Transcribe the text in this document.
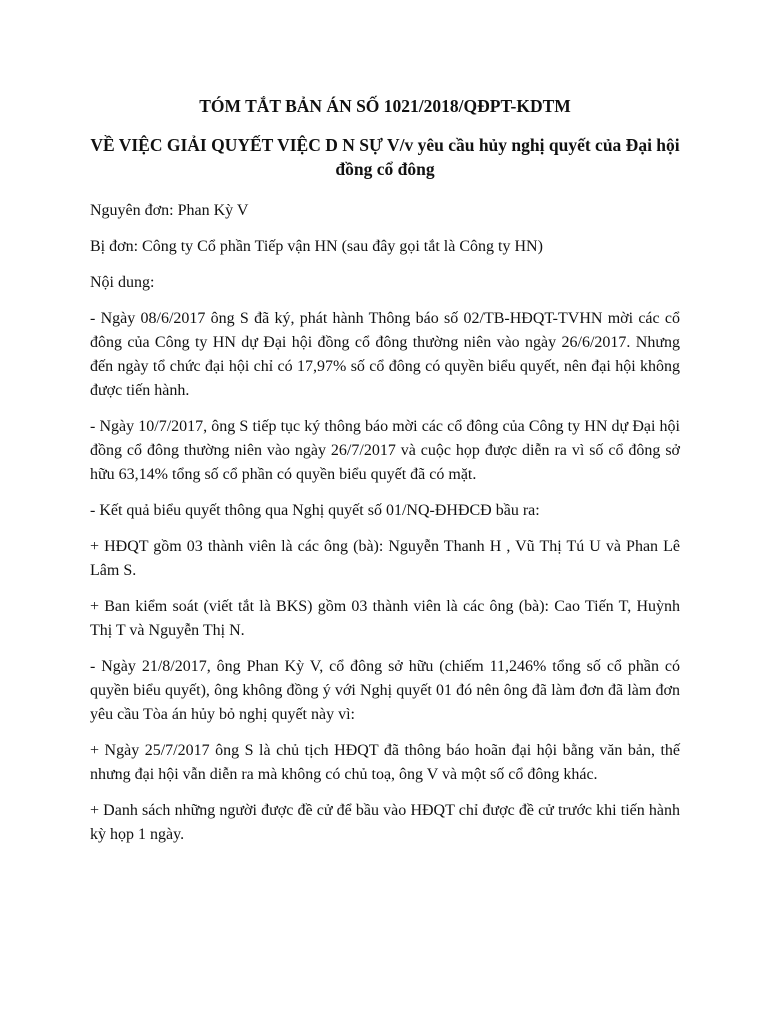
TÓM TẮT BẢN ÁN SỐ 1021/2018/QĐPT-KDTM

VỀ VIỆC GIẢI QUYẾT VIỆC D N SỰ V/v yêu cầu hủy nghị quyết của Đại hội đồng cổ đông

Nguyên đơn: Phan Kỳ V

Bị đơn: Công ty Cổ phần Tiếp vận HN (sau đây gọi tắt là Công ty HN)

Nội dung:

- Ngày 08/6/2017 ông S đã ký, phát hành Thông báo số 02/TB-HĐQT-TVHN mời các cổ đông của Công ty HN dự Đại hội đồng cổ đông thường niên vào ngày 26/6/2017. Nhưng đến ngày tổ chức đại hội chỉ có 17,97% số cổ đông có quyền biểu quyết, nên đại hội không được tiến hành.

- Ngày 10/7/2017, ông S tiếp tục ký thông báo mời các cổ đông của Công ty HN dự Đại hội đồng cổ đông thường niên vào ngày 26/7/2017 và cuộc họp được diễn ra vì số cổ đông sở hữu 63,14% tổng số cổ phần có quyền biểu quyết đã có mặt.

- Kết quả biểu quyết thông qua Nghị quyết số 01/NQ-ĐHĐCĐ bầu ra:

+ HĐQT gồm 03 thành viên là các ông (bà): Nguyễn Thanh H , Vũ Thị Tú U và Phan Lê Lâm S.

+ Ban kiểm soát (viết tắt là BKS) gồm 03 thành viên là các ông (bà): Cao Tiến T, Huỳnh Thị T và Nguyễn Thị N.

- Ngày 21/8/2017, ông Phan Kỳ V, cổ đông sở hữu (chiếm 11,246% tổng số cổ phần có quyền biểu quyết), ông không đồng ý với Nghị quyết 01 đó nên ông đã làm đơn đã làm đơn yêu cầu Tòa án hủy bỏ nghị quyết này vì:

+ Ngày 25/7/2017 ông S là chủ tịch HĐQT đã thông báo hoãn đại hội bằng văn bản, thế nhưng đại hội vẫn diễn ra mà không có chủ toạ, ông V và một số cổ đông khác.

+ Danh sách những người được đề cử để bầu vào HĐQT chỉ được đề cử trước khi tiến hành kỳ họp 1 ngày.
